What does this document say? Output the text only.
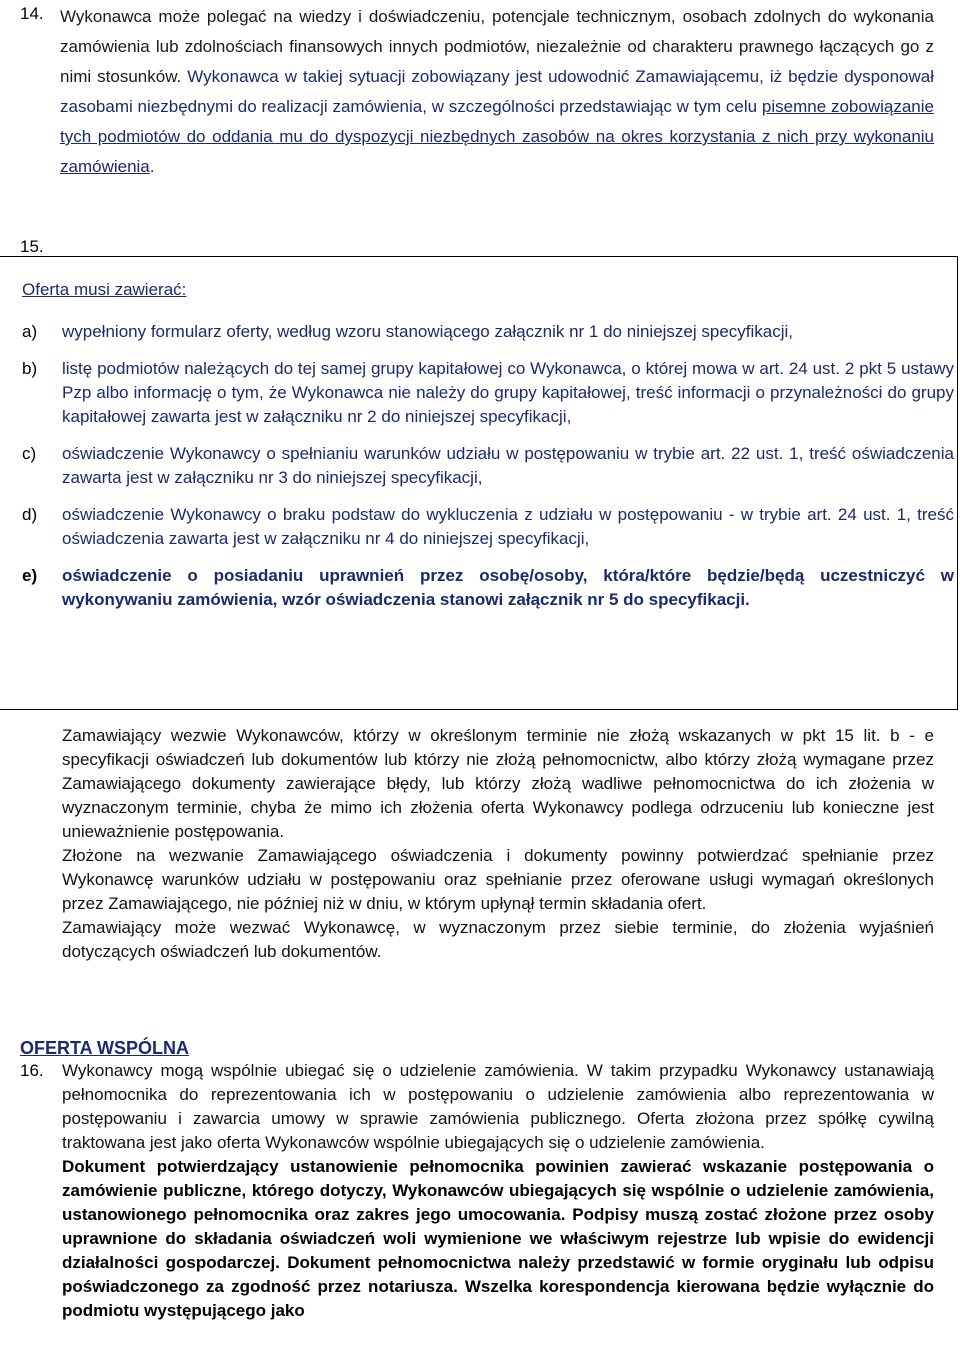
14. Wykonawca może polegać na wiedzy i doświadczeniu, potencjale technicznym, osobach zdolnych do wykonania zamówienia lub zdolnościach finansowych innych podmiotów, niezależnie od charakteru prawnego łączących go z nimi stosunków. Wykonawca w takiej sytuacji zobowiązany jest udowodnić Zamawiającemu, iż będzie dysponował zasobami niezbędnymi do realizacji zamówienia, w szczególności przedstawiając w tym celu pisemne zobowiązanie tych podmiotów do oddania mu do dyspozycji niezbędnych zasobów na okres korzystania z nich przy wykonaniu zamówienia.
15.
Oferta musi zawierać:
a) wypełniony formularz oferty, według wzoru stanowiącego załącznik nr 1 do niniejszej specyfikacji,
b) listę podmiotów należących do tej samej grupy kapitałowej co Wykonawca, o której mowa w art. 24 ust. 2 pkt 5 ustawy Pzp albo informację o tym, że Wykonawca nie należy do grupy kapitałowej, treść informacji o przynależności do grupy kapitałowej zawarta jest w załączniku nr 2 do niniejszej specyfikacji,
c) oświadczenie Wykonawcy o spełnianiu warunków udziału w postępowaniu w trybie art. 22 ust. 1, treść oświadczenia zawarta jest w załączniku nr 3 do niniejszej specyfikacji,
d) oświadczenie Wykonawcy o braku podstaw do wykluczenia z udziału w postępowaniu - w trybie art. 24 ust. 1, treść oświadczenia zawarta jest w załączniku nr 4 do niniejszej specyfikacji,
e) oświadczenie o posiadaniu uprawnień przez osobę/osoby, która/które będzie/będą uczestniczyć w wykonywaniu zamówienia, wzór oświadczenia stanowi załącznik nr 5 do specyfikacji.

Zamawiający wezwie Wykonawców, którzy w określonym terminie nie złożą wskazanych w pkt 15 lit. b - e specyfikacji oświadczeń lub dokumentów lub którzy nie złożą pełnomocnictw, albo którzy złożą wymagane przez Zamawiającego dokumenty zawierające błędy, lub którzy złożą wadliwe pełnomocnictwa do ich złożenia w wyznaczonym terminie, chyba że mimo ich złożenia oferta Wykonawcy podlega odrzuceniu lub konieczne jest unieważnienie postępowania.

Złożone na wezwanie Zamawiającego oświadczenia i dokumenty powinny potwierdzać spełnianie przez Wykonawcę warunków udziału w postępowaniu oraz spełnianie przez oferowane usługi wymagań określonych przez Zamawiającego, nie później niż w dniu, w którym upłynął termin składania ofert.

Zamawiający może wezwać Wykonawcę, w wyznaczonym przez siebie terminie, do złożenia wyjaśnień dotyczących oświadczeń lub dokumentów.

OFERTA WSPÓLNA
16. Wykonawcy mogą wspólnie ubiegać się o udzielenie zamówienia. W takim przypadku Wykonawcy ustanawiają pełnomocnika do reprezentowania ich w postępowaniu o udzielenie zamówienia albo reprezentowania w postępowaniu i zawarcia umowy w sprawie zamówienia publicznego. Oferta złożona przez spółkę cywilną traktowana jest jako oferta Wykonawców wspólnie ubiegających się o udzielenie zamówienia.

Dokument potwierdzający ustanowienie pełnomocnika powinien zawierać wskazanie postępowania o zamówienie publiczne, którego dotyczy, Wykonawców ubiegających się wspólnie o udzielenie zamówienia, ustanowionego pełnomocnika oraz zakres jego umocowania. Podpisy muszą zostać złożone przez osoby uprawnione do składania oświadczeń woli wymienione we właściwym rejestrze lub wpisie do ewidencji działalności gospodarczej. Dokument pełnomocnictwa należy przedstawić w formie oryginału lub odpisu poświadczonego za zgodność przez notariusza. Wszelka korespondencja kierowana będzie wyłącznie do podmiotu występującego jako
